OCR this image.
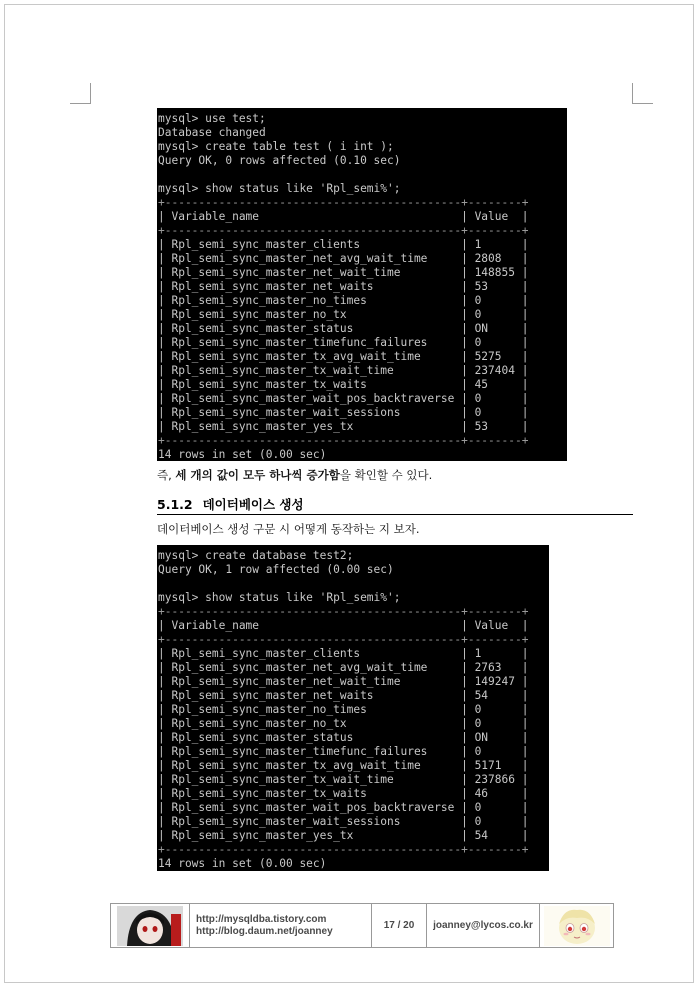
mysql> use test;
Database changed
mysql> create table test ( i int );
Query OK, 0 rows affected (0.10 sec)
mysql> show status like 'Rpl_semi%';
+--------------------------------------------+--------+
| Variable_name                              | Value  |
+--------------------------------------------+--------+
| Rpl_semi_sync_master_clients               | 1      |
| Rpl_semi_sync_master_net_avg_wait_time     | 2808   |
| Rpl_semi_sync_master_net_wait_time         | 148855 |
| Rpl_semi_sync_master_net_waits             | 53     |
| Rpl_semi_sync_master_no_times              | 0      |
| Rpl_semi_sync_master_no_tx                 | 0      |
| Rpl_semi_sync_master_status                | ON     |
| Rpl_semi_sync_master_timefunc_failures     | 0      |
| Rpl_semi_sync_master_tx_avg_wait_time      | 5275   |
| Rpl_semi_sync_master_tx_wait_time          | 237404 |
| Rpl_semi_sync_master_tx_waits              | 45     |
| Rpl_semi_sync_master_wait_pos_backtraverse | 0      |
| Rpl_semi_sync_master_wait_sessions         | 0      |
| Rpl_semi_sync_master_yes_tx                | 53     |
+--------------------------------------------+--------+
14 rows in set (0.00 sec)
즉, 세 개의 값이 모두 하나씩 증가함을 확인할 수 있다.
5.1.2 데이터베이스 생성
데이터베이스 생성 구문 시 어떻게 동작하는 지 보자.
mysql> create database test2;
Query OK, 1 row affected (0.00 sec)
mysql> show status like 'Rpl_semi%';
+--------------------------------------------+--------+
| Variable_name                              | Value  |
+--------------------------------------------+--------+
| Rpl_semi_sync_master_clients               | 1      |
| Rpl_semi_sync_master_net_avg_wait_time     | 2763   |
| Rpl_semi_sync_master_net_wait_time         | 149247 |
| Rpl_semi_sync_master_net_waits             | 54     |
| Rpl_semi_sync_master_no_times              | 0      |
| Rpl_semi_sync_master_no_tx                 | 0      |
| Rpl_semi_sync_master_status                | ON     |
| Rpl_semi_sync_master_timefunc_failures     | 0      |
| Rpl_semi_sync_master_tx_avg_wait_time      | 5171   |
| Rpl_semi_sync_master_tx_wait_time          | 237866 |
| Rpl_semi_sync_master_tx_waits              | 46     |
| Rpl_semi_sync_master_wait_pos_backtraverse | 0      |
| Rpl_semi_sync_master_wait_sessions         | 0      |
| Rpl_semi_sync_master_yes_tx                | 54     |
+--------------------------------------------+--------+
14 rows in set (0.00 sec)
http://mysqldba.tistory.com
http://blog.daum.net/joanney	17 / 20	joanney@lycos.co.kr
